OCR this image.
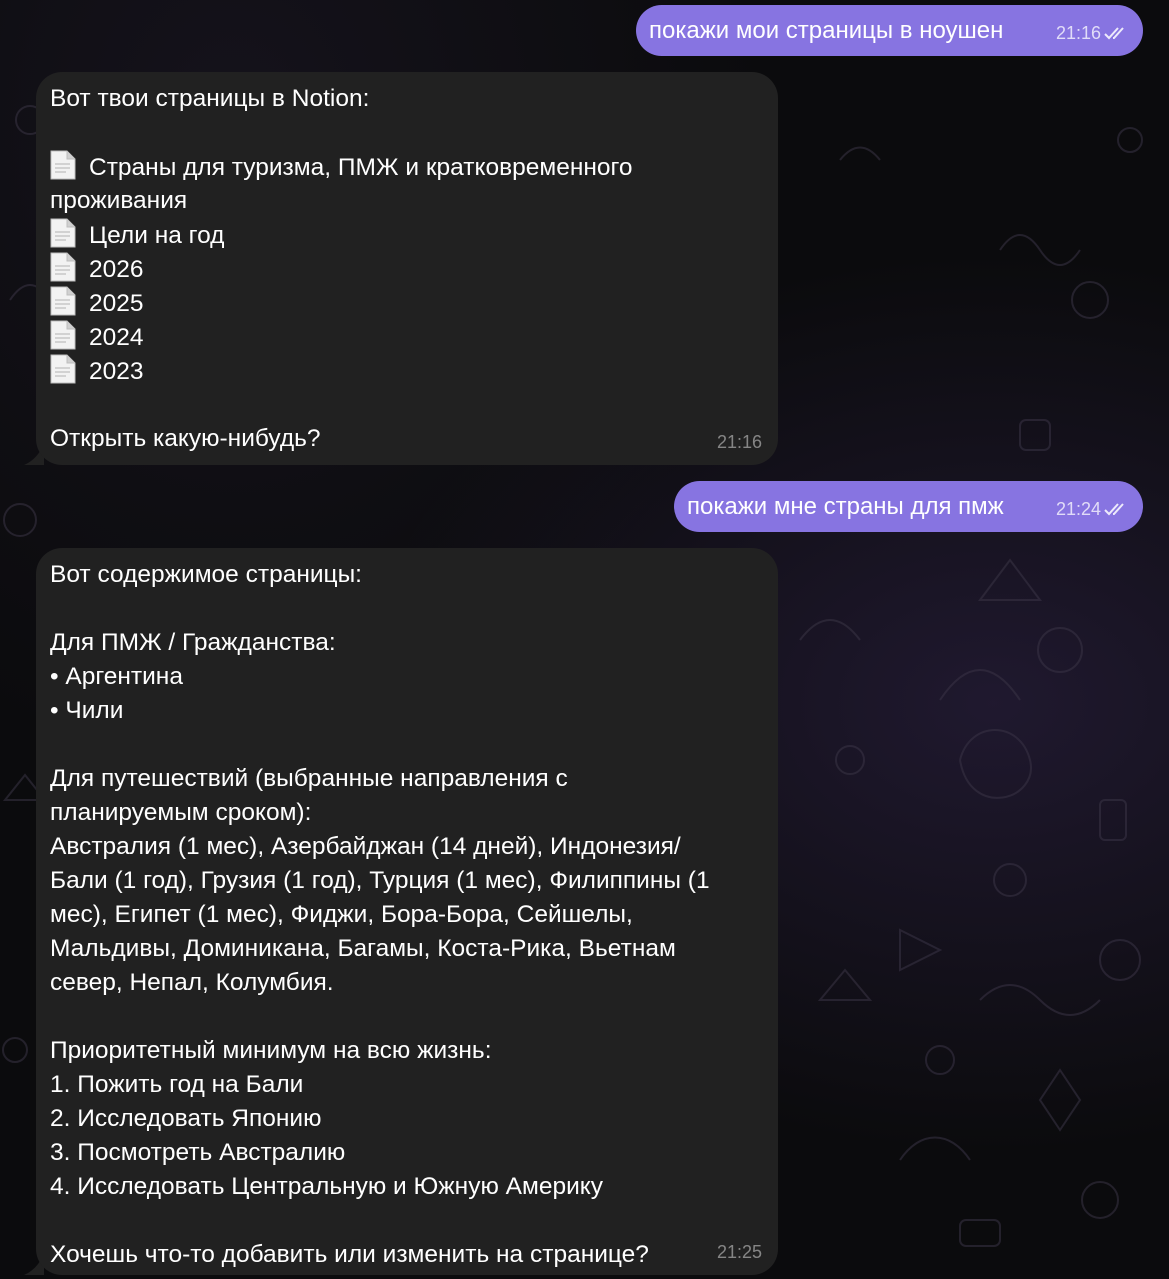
покажи мои страницы в ноушен	21:16
Вот твои страницы в Notion:
Страны для туризма, ПМЖ и кратковременного
проживания
Цели на год
2026
2025
2024
2023
Открыть какую-нибудь?	21:16
покажи мне страны для пмж	21:24
Вот содержимое страницы:
Для ПМЖ / Гражданства:
• Аргентина
• Чили
Для путешествий (выбранные направления с
планируемым сроком):
Австралия (1 мес), Азербайджан (14 дней), Индонезия/
Бали (1 год), Грузия (1 год), Турция (1 мес), Филиппины (1
мес), Египет (1 мес), Фиджи, Бора-Бора, Сейшелы,
Мальдивы, Доминикана, Багамы, Коста-Рика, Вьетнам
север, Непал, Колумбия.
Приоритетный минимум на всю жизнь:
1. Пожить год на Бали
2. Исследовать Японию
3. Посмотреть Австралию
4. Исследовать Центральную и Южную Америку
Хочешь что-то добавить или изменить на странице?	21:25
